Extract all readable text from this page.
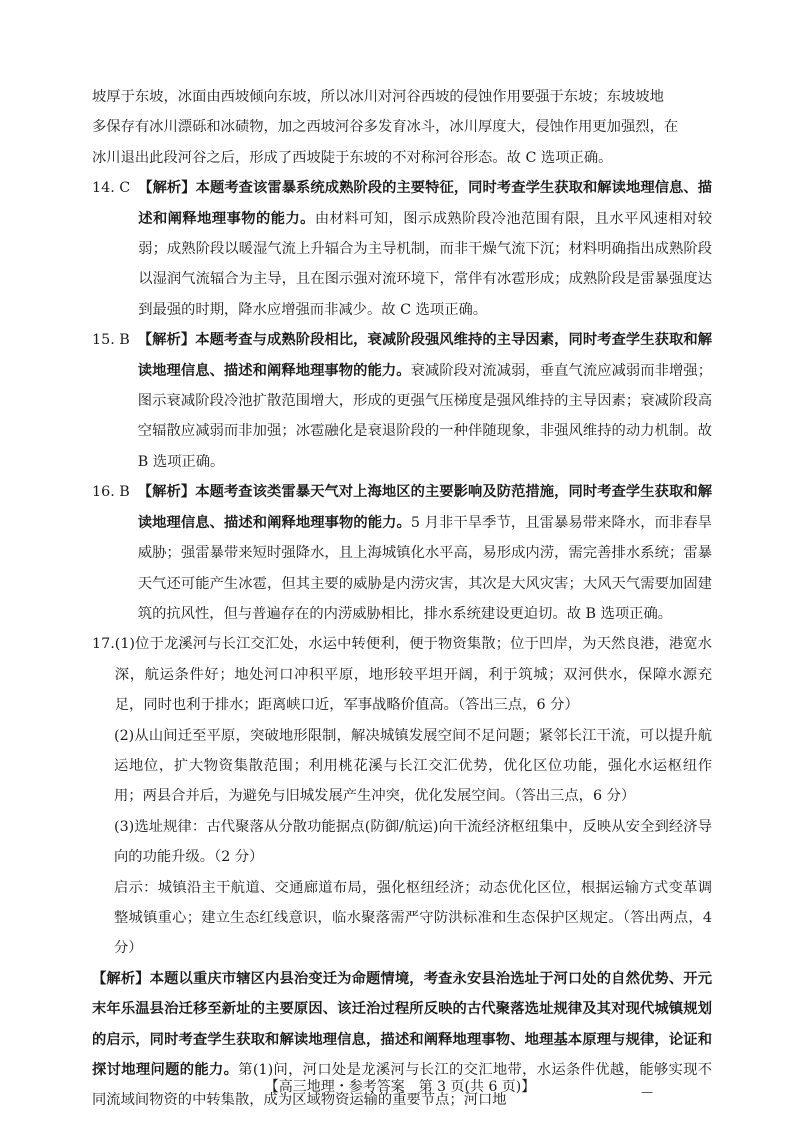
坡厚于东坡，冰面由西坡倾向东坡，所以冰川对河谷西坡的侵蚀作用要强于东坡；东坡坡地

多保存有冰川漂砾和冰碛物，加之西坡河谷多发育冰斗，冰川厚度大，侵蚀作用更加强烈，在

冰川退出此段河谷之后，形成了西坡陡于东坡的不对称河谷形态。故 C 选项正确。

14. C 【解析】本题考查该雷暴系统成熟阶段的主要特征，同时考查学生获取和解读地理信息、描述和阐释地理事物的能力。由材料可知，图示成熟阶段冷池范围有限，且水平风速相对较弱；成熟阶段以暖湿气流上升辐合为主导机制，而非干燥气流下沉；材料明确指出成熟阶段以湿润气流辐合为主导，且在图示强对流环境下，常伴有冰雹形成；成熟阶段是雷暴强度达到最强的时期，降水应增强而非减少。故 C 选项正确。
15. B 【解析】本题考查与成熟阶段相比，衰减阶段强风维持的主导因素，同时考查学生获取和解读地理信息、描述和阐释地理事物的能力。衰减阶段对流减弱，垂直气流应减弱而非增强；图示衰减阶段冷池扩散范围增大，形成的更强气压梯度是强风维持的主导因素；衰减阶段高空辐散应减弱而非加强；冰雹融化是衰退阶段的一种伴随现象，非强风维持的动力机制。故 B 选项正确。
16. B 【解析】本题考查该类雷暴天气对上海地区的主要影响及防范措施，同时考查学生获取和解读地理信息、描述和阐释地理事物的能力。5 月非干旱季节，且雷暴易带来降水，而非春旱威胁；强雷暴带来短时强降水，且上海城镇化水平高，易形成内涝，需完善排水系统；雷暴天气还可能产生冰雹，但其主要的威胁是内涝灾害，其次是大风灾害；大风天气需要加固建筑的抗风性，但与普遍存在的内涝威胁相比，排水系统建设更迫切。故 B 选项正确。
17. (1)位于龙溪河与长江交汇处，水运中转便利，便于物资集散；位于凹岸，为天然良港，港宽水深，航运条件好；地处河口冲积平原，地形较平坦开阔，利于筑城；双河供水，保障水源充足，同时也利于排水；距离峡口近，军事战略价值高。（答出三点，6 分）

(2)从山间迁至平原，突破地形限制，解决城镇发展空间不足问题；紧邻长江干流，可以提升航运地位，扩大物资集散范围；利用桃花溪与长江交汇优势，优化区位功能，强化水运枢纽作用；两县合并后，为避免与旧城发展产生冲突，优化发展空间。（答出三点，6 分）

(3)选址规律：古代聚落从分散功能据点(防御/航运)向干流经济枢纽集中，反映从安全到经济导向的功能升级。（2 分）

启示：城镇沿主干航道、交通廊道布局，强化枢纽经济；动态优化区位，根据运输方式变革调整城镇重心；建立生态红线意识，临水聚落需严守防洪标准和生态保护区规定。（答出两点，4 分）

【解析】本题以重庆市辖区内县治变迁为命题情境，考查永安县治选址于河口处的自然优势、开元末年乐温县治迁移至新址的主要原因、该迁治过程所反映的古代聚落选址规律及其对现代城镇规划的启示，同时考查学生获取和解读地理信息，描述和阐释地理事物、地理基本原理与规律，论证和探讨地理问题的能力。第(1)问，河口处是龙溪河与长江的交汇地带，水运条件优越，能够实现不同流域间物资的中转集散，成为区域物资运输的重要节点；河口地

【高三地理・参考答案　第 3 页(共 6 页)】	—
